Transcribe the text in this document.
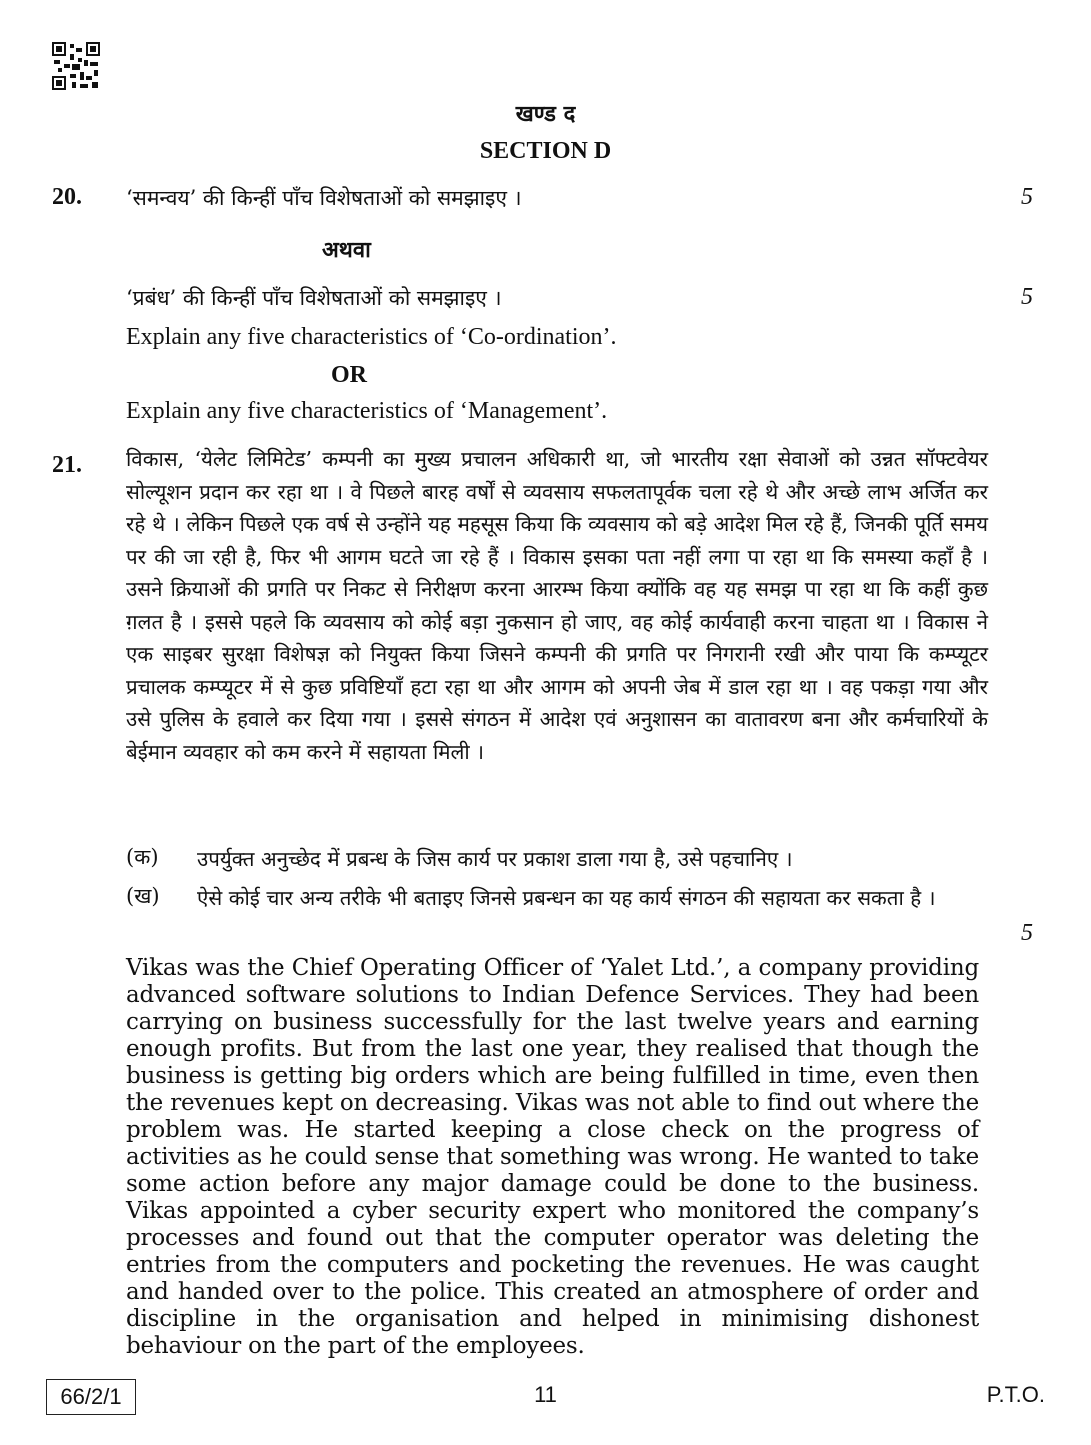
खण्ड द
SECTION D
20. ‘समन्वय’ की किन्हीं पाँच विशेषताओं को समझाइए ।	5
अथवा
‘प्रबंध’ की किन्हीं पाँच विशेषताओं को समझाइए ।	5
Explain any five characteristics of ‘Co-ordination’.
OR
Explain any five characteristics of ‘Management’.
21. विकास, ‘येलेट लिमिटेड’ कम्पनी का मुख्य प्रचालन अधिकारी था, जो भारतीय रक्षा सेवाओं को उन्नत सॉफ्टवेयर सोल्यूशन प्रदान कर रहा था । वे पिछले बारह वर्षों से व्यवसाय सफलतापूर्वक चला रहे थे और अच्छे लाभ अर्जित कर रहे थे । लेकिन पिछले एक वर्ष से उन्होंने यह महसूस किया कि व्यवसाय को बड़े आदेश मिल रहे हैं, जिनकी पूर्ति समय पर की जा रही है, फिर भी आगम घटते जा रहे हैं । विकास इसका पता नहीं लगा पा रहा था कि समस्या कहाँ है । उसने क्रियाओं की प्रगति पर निकट से निरीक्षण करना आरम्भ किया क्योंकि वह यह समझ पा रहा था कि कहीं कुछ ग़लत है । इससे पहले कि व्यवसाय को कोई बड़ा नुकसान हो जाए, वह कोई कार्यवाही करना चाहता था । विकास ने एक साइबर सुरक्षा विशेषज्ञ को नियुक्त किया जिसने कम्पनी की प्रगति पर निगरानी रखी और पाया कि कम्प्यूटर प्रचालक कम्प्यूटर में से कुछ प्रविष्टियाँ हटा रहा था और आगम को अपनी जेब में डाल रहा था । वह पकड़ा गया और उसे पुलिस के हवाले कर दिया गया । इससे संगठन में आदेश एवं अनुशासन का वातावरण बना और कर्मचारियों के बेईमान व्यवहार को कम करने में सहायता मिली ।
(क) उपर्युक्त अनुच्छेद में प्रबन्ध के जिस कार्य पर प्रकाश डाला गया है, उसे पहचानिए ।
(ख) ऐसे कोई चार अन्य तरीके भी बताइए जिनसे प्रबन्धन का यह कार्य संगठन की सहायता कर सकता है ।
5
Vikas was the Chief Operating Officer of ‘Yalet Ltd.’, a company providing advanced software solutions to Indian Defence Services. They had been carrying on business successfully for the last twelve years and earning enough profits. But from the last one year, they realised that though the business is getting big orders which are being fulfilled in time, even then the revenues kept on decreasing. Vikas was not able to find out where the problem was. He started keeping a close check on the progress of activities as he could sense that something was wrong. He wanted to take some action before any major damage could be done to the business. Vikas appointed a cyber security expert who monitored the company’s processes and found out that the computer operator was deleting the entries from the computers and pocketing the revenues. He was caught and handed over to the police. This created an atmosphere of order and discipline in the organisation and helped in minimising dishonest behaviour on the part of the employees.
66/2/1	11	P.T.O.
